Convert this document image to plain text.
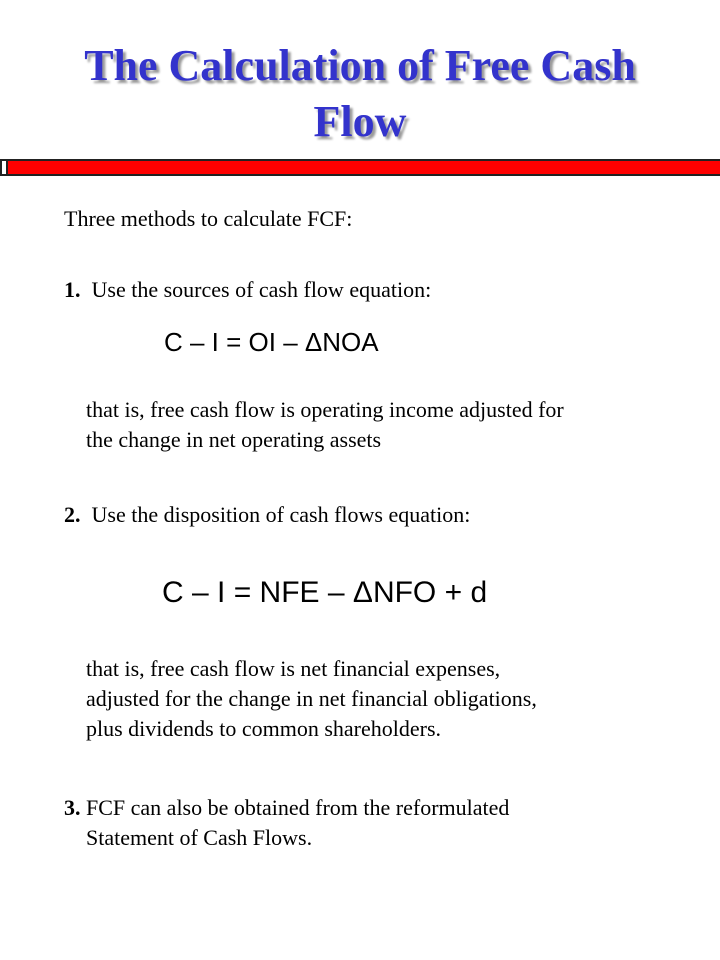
The Calculation of Free Cash
Flow

Three methods to calculate FCF:

1. Use the sources of cash flow equation:

C – I = OI – ΔNOA

that is, free cash flow is operating income adjusted for

the change in net operating assets

2. Use the disposition of cash flows equation:

C – I = NFE – ΔNFO + d

that is, free cash flow is net financial expenses,

adjusted for the change in net financial obligations,

plus dividends to common shareholders.

3. FCF can also be obtained from the reformulated

Statement of Cash Flows.
